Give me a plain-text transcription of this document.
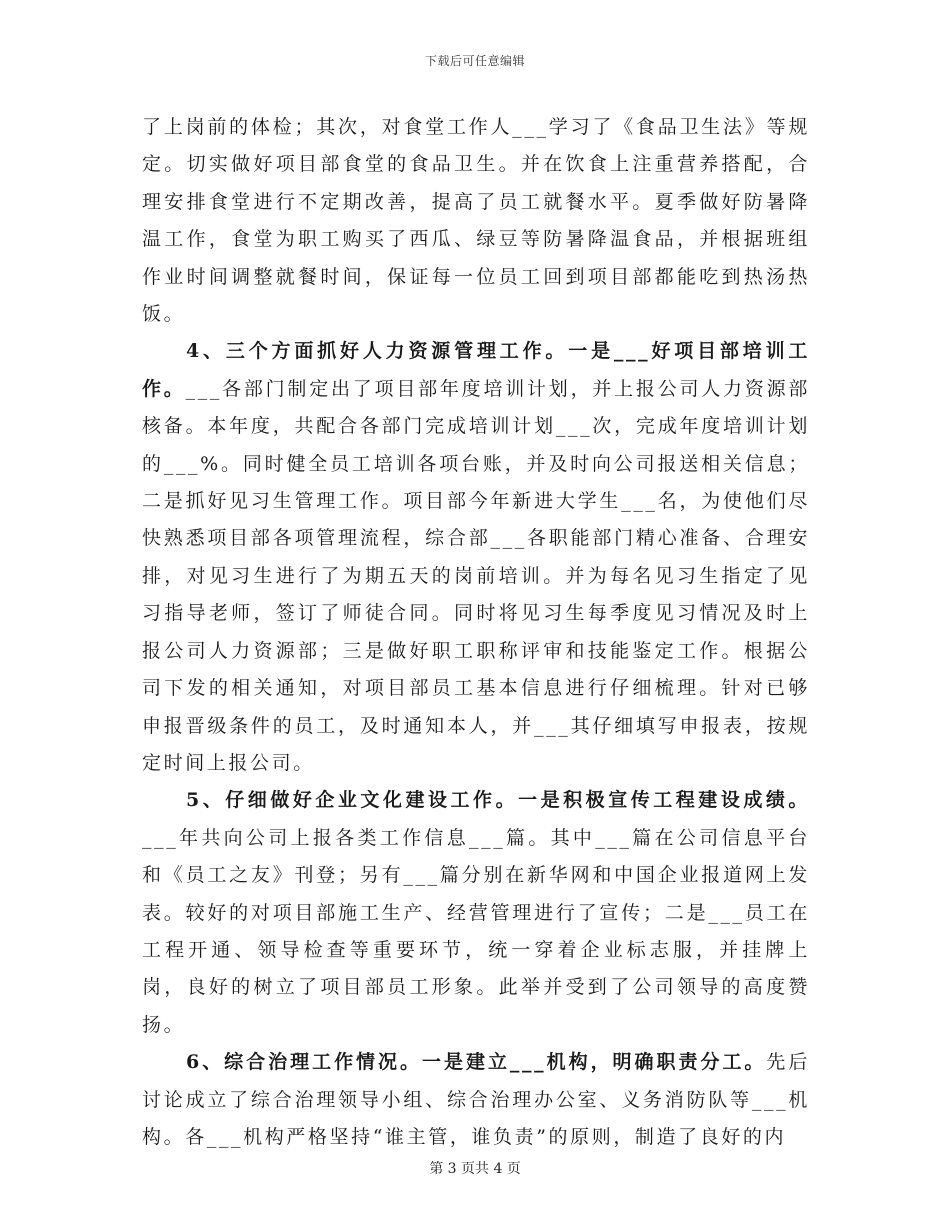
下载后可任意编辑

了上岗前的体检；其次，对食堂工作人___学习了《食品卫生法》等规定。切实做好项目部食堂的食品卫生。并在饮食上注重营养搭配，合理安排食堂进行不定期改善，提高了员工就餐水平。夏季做好防暑降温工作，食堂为职工购买了西瓜、绿豆等防暑降温食品，并根据班组作业时间调整就餐时间，保证每一位员工回到项目部都能吃到热汤热饭。

4、三个方面抓好人力资源管理工作。一是___好项目部培训工作。___各部门制定出了项目部年度培训计划，并上报公司人力资源部核备。本年度，共配合各部门完成培训计划___次，完成年度培训计划的___%。同时健全员工培训各项台账，并及时向公司报送相关信息；二是抓好见习生管理工作。项目部今年新进大学生___名，为使他们尽快熟悉项目部各项管理流程，综合部___各职能部门精心准备、合理安排，对见习生进行了为期五天的岗前培训。并为每名见习生指定了见习指导老师，签订了师徒合同。同时将见习生每季度见习情况及时上报公司人力资源部；三是做好职工职称评审和技能鉴定工作。根据公司下发的相关通知，对项目部员工基本信息进行仔细梳理。针对已够申报晋级条件的员工，及时通知本人，并___其仔细填写申报表，按规定时间上报公司。

5、仔细做好企业文化建设工作。一是积极宣传工程建设成绩。___年共向公司上报各类工作信息___篇。其中___篇在公司信息平台和《员工之友》刊登；另有___篇分别在新华网和中国企业报道网上发表。较好的对项目部施工生产、经营管理进行了宣传；二是___员工在工程开通、领导检查等重要环节，统一穿着企业标志服，并挂牌上岗，良好的树立了项目部员工形象。此举并受到了公司领导的高度赞扬。

6、综合治理工作情况。一是建立___机构，明确职责分工。先后讨论成立了综合治理领导小组、综合治理办公室、义务消防队等___机构。各___机构严格坚持“谁主管，谁负责”的原则，制造了良好的内

第 3 页共 4 页
